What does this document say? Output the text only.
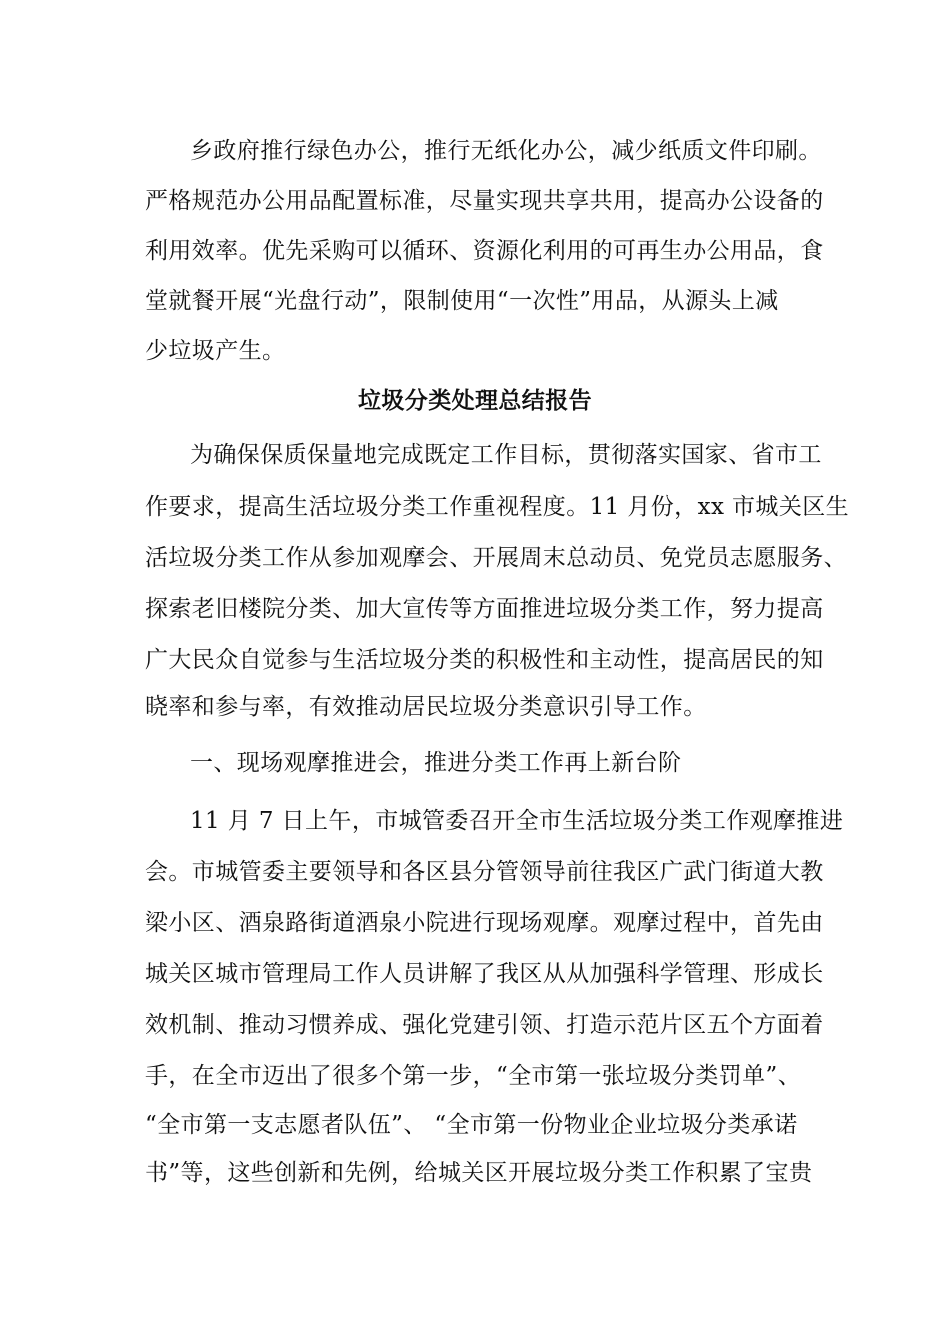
乡政府推行绿色办公，推行无纸化办公，减少纸质文件印刷。
严格规范办公用品配置标准，尽量实现共享共用，提高办公设备的
利用效率。优先采购可以循环、资源化利用的可再生办公用品，食
堂就餐开展“光盘行动”，限制使用“一次性”用品，从源头上减
少垃圾产生。
垃圾分类处理总结报告
为确保保质保量地完成既定工作目标，贯彻落实国家、省市工
作要求，提高生活垃圾分类工作重视程度。11 月份，xx 市城关区生
活垃圾分类工作从参加观摩会、开展周末总动员、免党员志愿服务、
探索老旧楼院分类、加大宣传等方面推进垃圾分类工作，努力提高
广大民众自觉参与生活垃圾分类的积极性和主动性，提高居民的知
晓率和参与率，有效推动居民垃圾分类意识引导工作。
一、现场观摩推进会，推进分类工作再上新台阶
11 月 7 日上午，市城管委召开全市生活垃圾分类工作观摩推进
会。市城管委主要领导和各区县分管领导前往我区广武门街道大教
梁小区、酒泉路街道酒泉小院进行现场观摩。观摩过程中，首先由
城关区城市管理局工作人员讲解了我区从从加强科学管理、形成长
效机制、推动习惯养成、强化党建引领、打造示范片区五个方面着
手，在全市迈出了很多个第一步，“全市第一张垃圾分类罚单”、
“全市第一支志愿者队伍”、 “全市第一份物业企业垃圾分类承诺
书”等，这些创新和先例，给城关区开展垃圾分类工作积累了宝贵
